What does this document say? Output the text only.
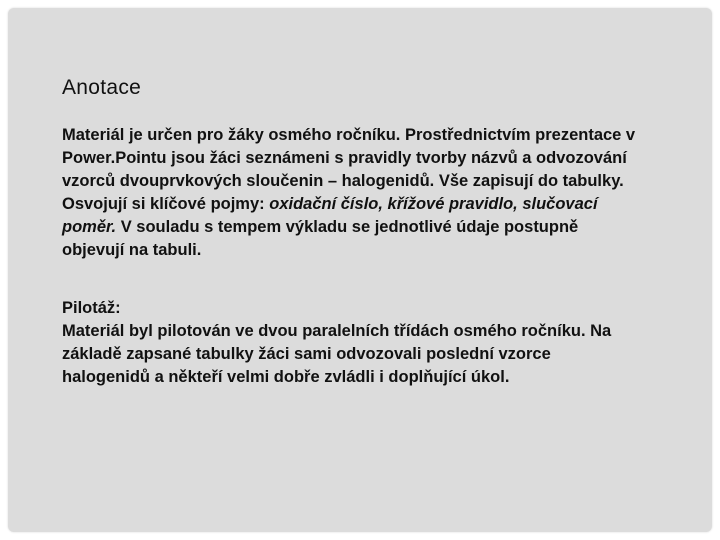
Anotace

Materiál je určen pro žáky osmého ročníku. Prostřednictvím prezentace v
Power.Pointu jsou žáci seznámeni s pravidly tvorby názvů a odvozování
vzorců dvouprvkových sloučenin – halogenidů. Vše zapisují do tabulky.
Osvojují si klíčové pojmy: oxidační číslo, křížové pravidlo, slučovací
poměr. V souladu s tempem výkladu se jednotlivé údaje postupně
objevují na tabuli.

Pilotáž:
Materiál byl pilotován ve dvou paralelních třídách osmého ročníku. Na
základě zapsané tabulky žáci sami odvozovali poslední vzorce
halogenidů a někteří velmi dobře zvládli i doplňující úkol.
